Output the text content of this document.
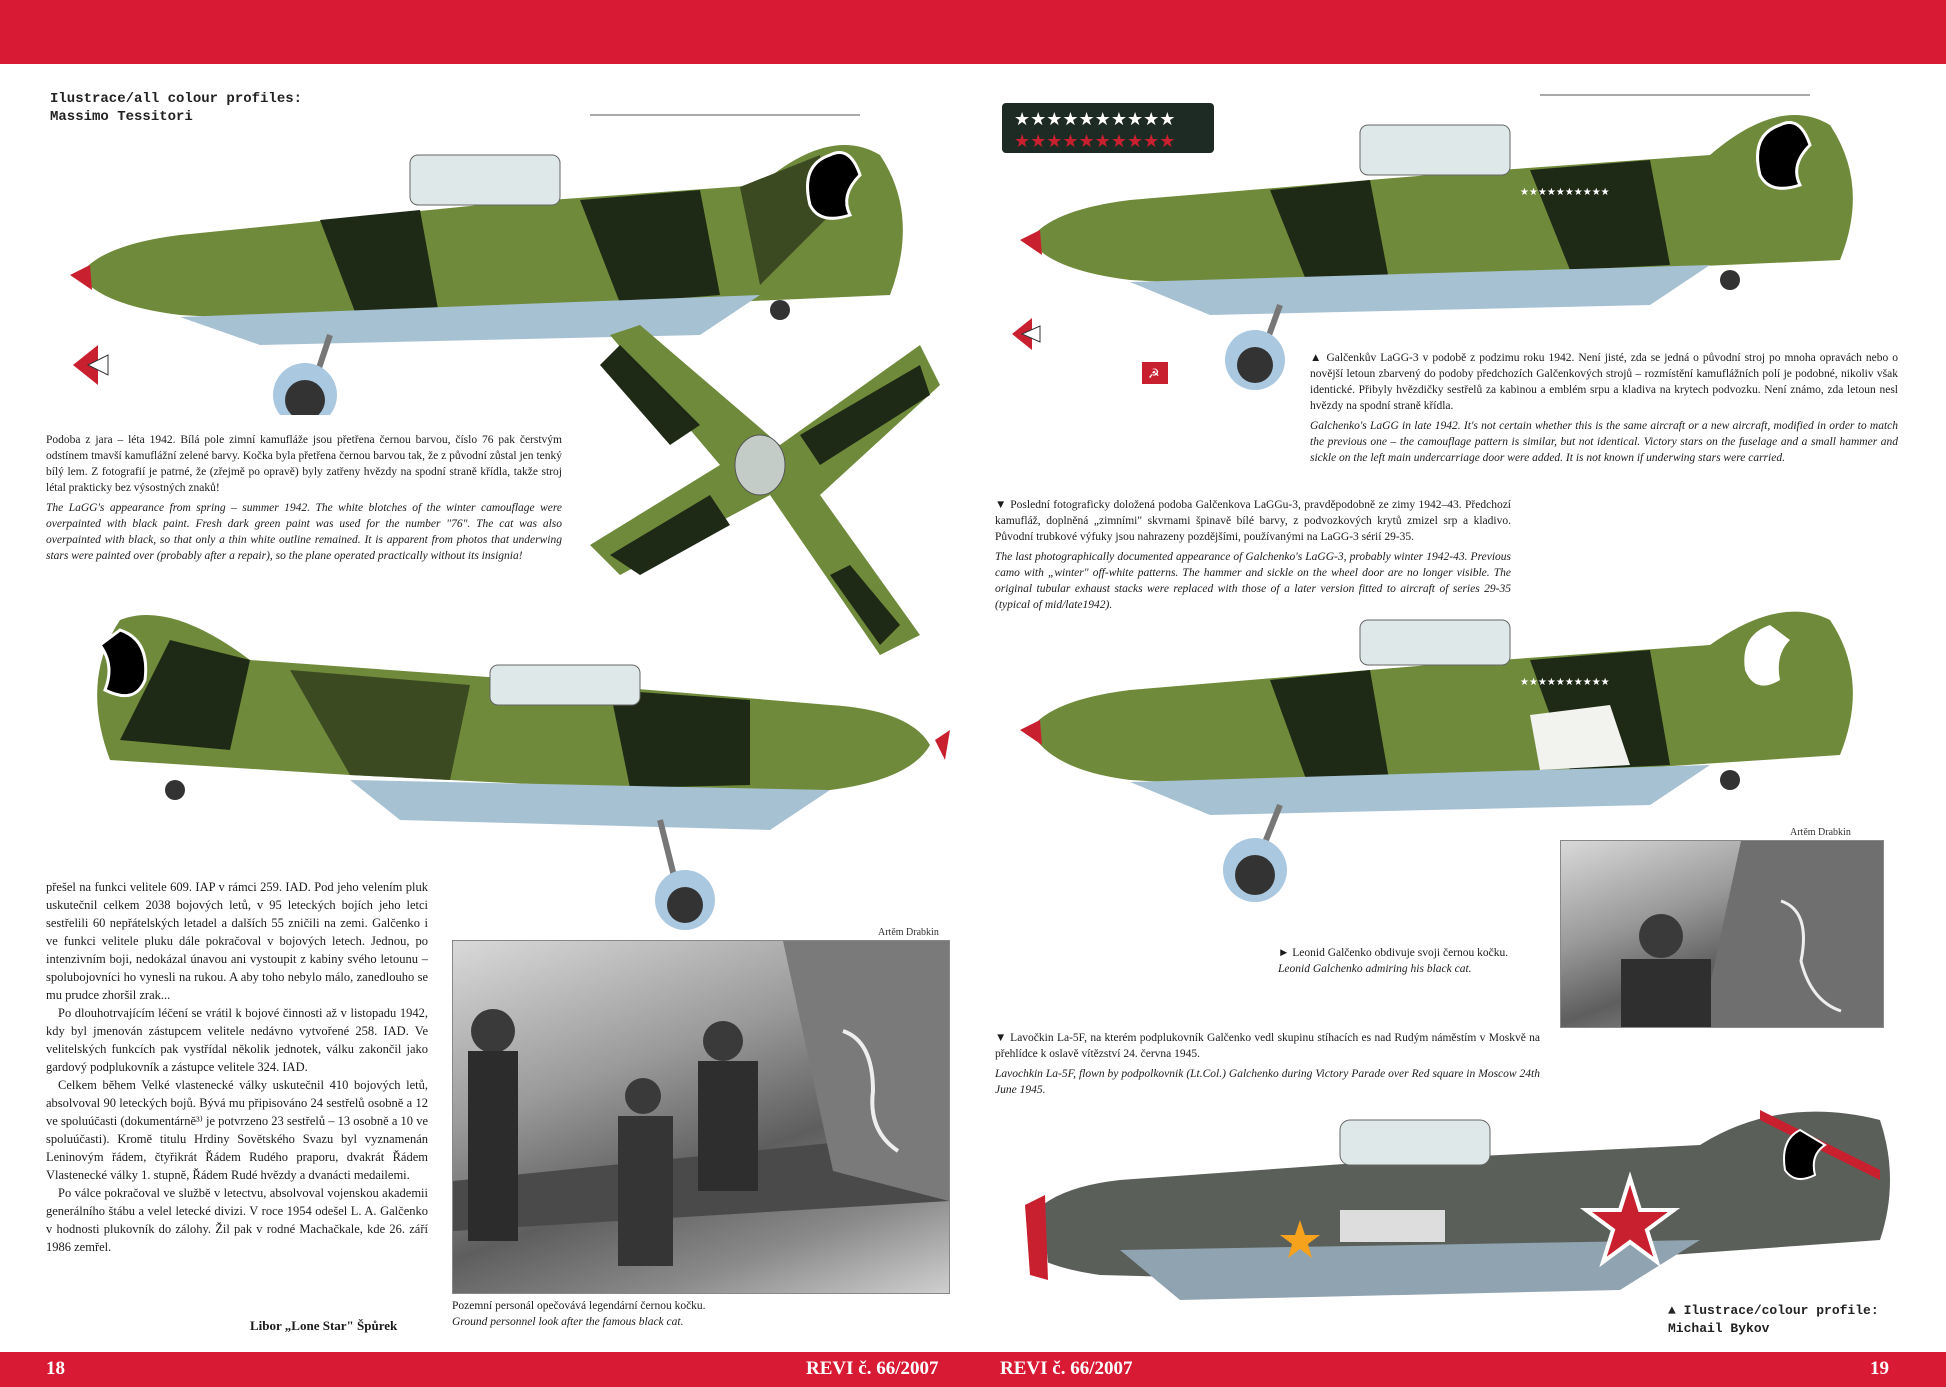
18	REVI č. 66/2007	REVI č. 66/2007	19
Ilustrace/all colour profiles:
Massimo Tessitori

Podoba z jara – léta 1942. Bílá pole zimní kamufláže jsou přetřena černou barvou, číslo 76 pak čerstvým odstínem tmavší kamuflážní zelené barvy. Kočka byla přetřena černou barvou tak, že z původní zůstal jen tenký bílý lem. Z fotografií je patrné, že (zřejmě po opravě) byly zatřeny hvězdy na spodní straně křídla, takže stroj létal prakticky bez výsostných znaků!

The LaGG's appearance from spring – summer 1942. The white blotches of the winter camouflage were overpainted with black paint. Fresh dark green paint was used for the number "76". The cat was also overpainted with black, so that only a thin white outline remained. It is apparent from photos that underwing stars were painted over (probably after a repair), so the plane operated practically without its insignia!

★★★★★★★★★★
★★★★★★★★★★
★★★★★★★★★★
☭

▲ Galčenkův LaGG-3 v podobě z podzimu roku 1942. Není jisté, zda se jedná o původní stroj po mnoha opravách nebo o novější letoun zbarvený do podoby předchozích Galčenkových strojů – rozmístění kamuflážních polí je podobné, nikoliv však identické. Přibyly hvězdičky sestřelů za kabinou a emblém srpu a kladiva na krytech podvozku. Není známo, zda letoun nesl hvězdy na spodní straně křídla.

Galchenko's LaGG in late 1942. It's not certain whether this is the same aircraft or a new aircraft, modified in order to match the previous one – the camouflage pattern is similar, but not identical. Victory stars on the fuselage and a small hammer and sickle on the left main undercarriage door were added. It is not known if underwing stars were carried.

▼ Poslední fotograficky doložená podoba Galčenkova LaGGu-3, pravděpodobně ze zimy 1942–43. Předchozí kamufláž, doplněná „zimními" skvrnami špinavě bílé barvy, z podvozkových krytů zmizel srp a kladivo. Původní trubkové výfuky jsou nahrazeny pozdějšími, používanými na LaGG-3 sérií 29-35.

The last photographically documented appearance of Galchenko's LaGG-3, probably winter 1942-43. Previous camo with „winter" off-white patterns. The hammer and sickle on the wheel door are no longer visible. The original tubular exhaust stacks were replaced with those of a later version fitted to aircraft of series 29-35 (typical of mid/late1942).

★★★★★★★★★★

přešel na funkci velitele 609. IAP v rámci 259. IAD. Pod jeho velením pluk uskutečnil celkem 2038 bojových letů, v 95 leteckých bojích jeho letci sestřelili 60 nepřátelských letadel a dalších 55 zničili na zemi. Galčenko i ve funkci velitele pluku dále pokračoval v bojových letech. Jednou, po intenzivním boji, nedokázal únavou ani vystoupit z kabiny svého letounu – spolubojovníci ho vynesli na rukou. A aby toho nebylo málo, zanedlouho se mu prudce zhoršil zrak...

Po dlouhotrvajícím léčení se vrátil k bojové činnosti až v listopadu 1942, kdy byl jmenován zástupcem velitele nedávno vytvořené 258. IAD. Ve velitelských funkcích pak vystřídal několik jednotek, válku zakončil jako gardový podplukovník a zástupce velitele 324. IAD.

Celkem během Velké vlastenecké války uskutečnil 410 bojových letů, absolvoval 90 leteckých bojů. Bývá mu připisováno 24 sestřelů osobně a 12 ve spoluúčasti (dokumentárně³⁾ je potvrzeno 23 sestřelů – 13 osobně a 10 ve spoluúčasti). Kromě titulu Hrdiny Sovětského Svazu byl vyznamenán Leninovým řádem, čtyřikrát Řádem Rudého praporu, dvakrát Řádem Vlastenecké války 1. stupně, Řádem Rudé hvězdy a dvanácti medailemi.

Po válce pokračoval ve službě v letectvu, absolvoval vojenskou akademii generálního štábu a velel letecké divizi. V roce 1954 odešel L. A. Galčenko v hodnosti plukovník do zálohy. Žil pak v rodné Machačkale, kde 26. září 1986 zemřel.

Libor „Lone Star" Špůrek
Artěm Drabkin
Pozemní personál opečovává legendární černou kočku.
Ground personnel look after the famous black cat.
Artěm Drabkin
► Leonid Galčenko obdivuje svoji černou kočku.
Leonid Galchenko admiring his black cat.

▼ Lavočkin La-5F, na kterém podplukovník Galčenko vedl skupinu stíhacích es nad Rudým náměstím v Moskvě na přehlídce k oslavě vítězství 24. června 1945.

Lavochkin La-5F, flown by podpolkovnik (Lt.Col.) Galchenko during Victory Parade over Red square in Moscow 24th June 1945.

▲ Ilustrace/colour profile:
Michail Bykov
